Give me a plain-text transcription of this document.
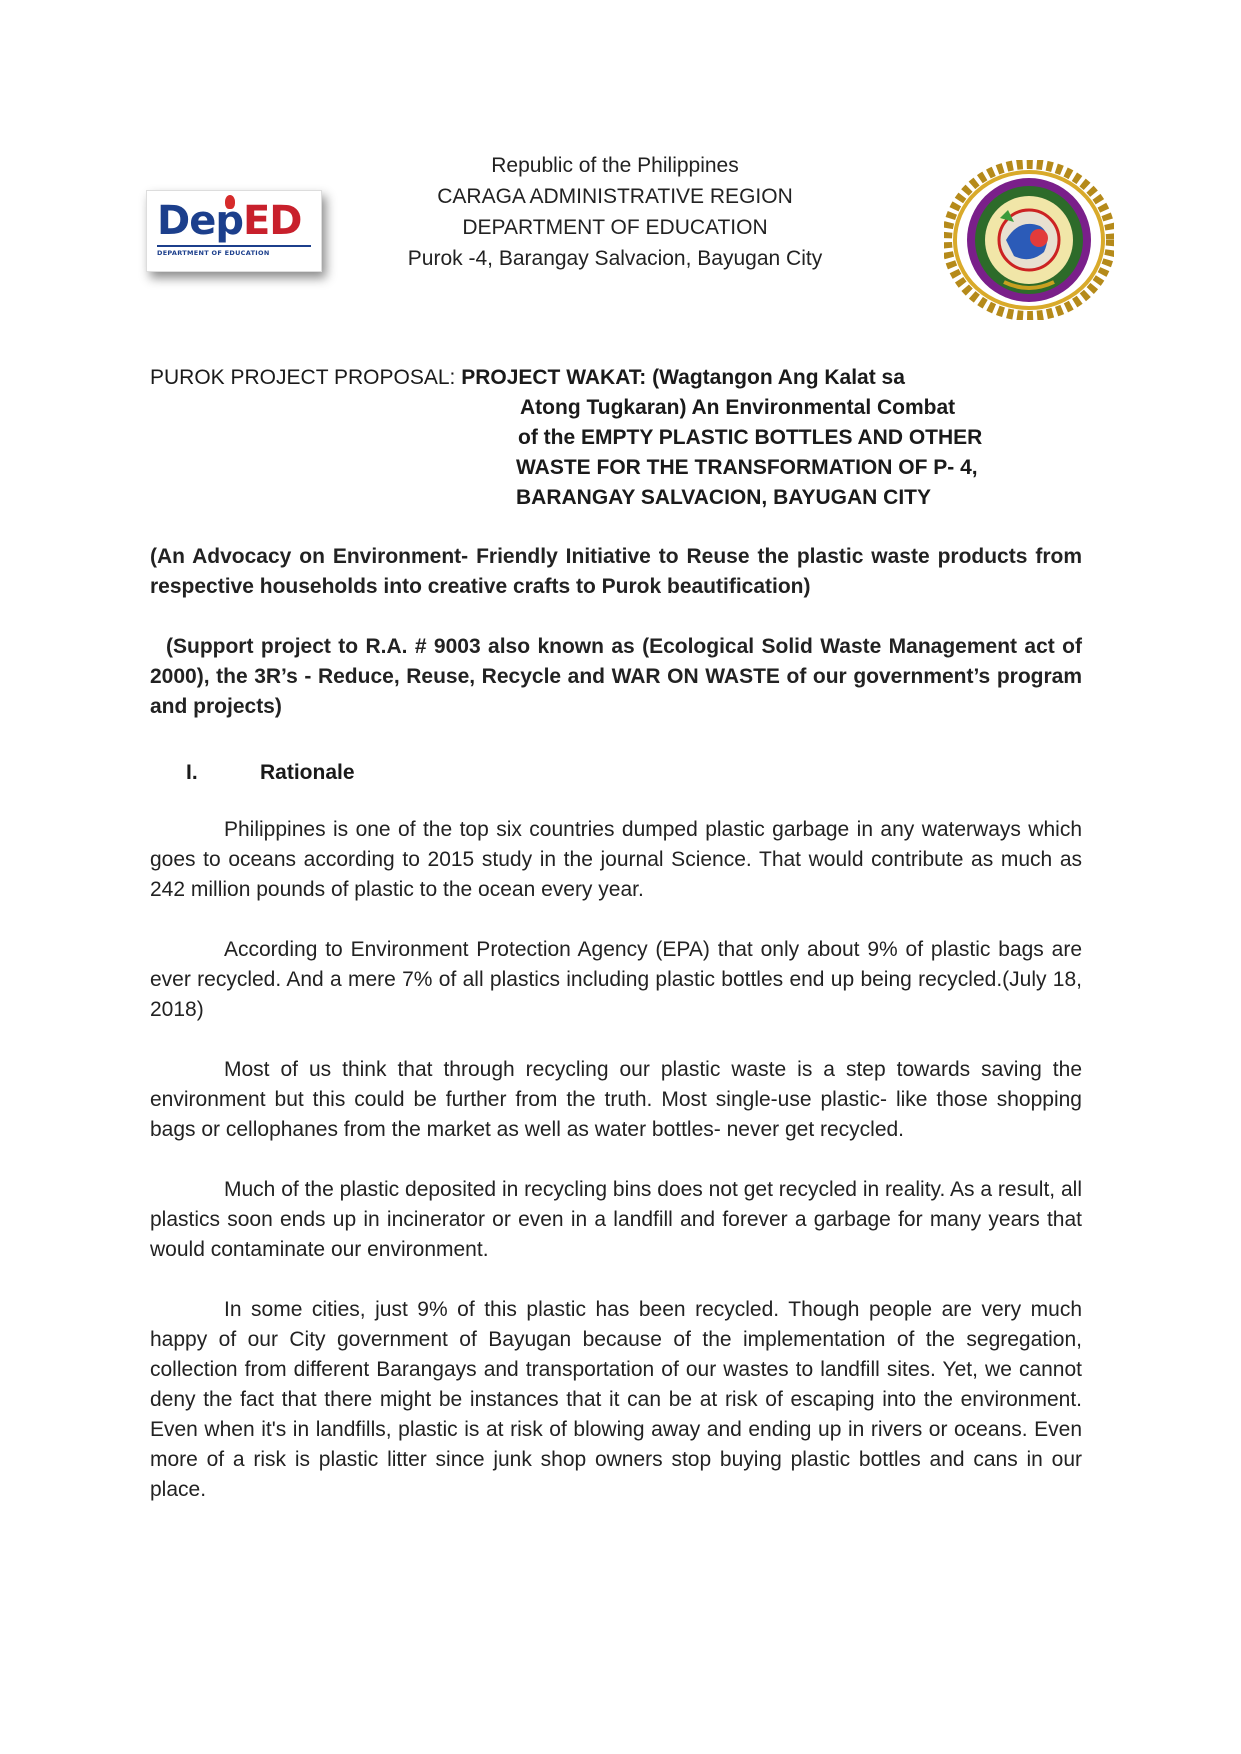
DepED
DEPARTMENT OF EDUCATION
Republic of the Philippines
CARAGA ADMINISTRATIVE REGION
DEPARTMENT OF EDUCATION
Purok -4, Barangay Salvacion, Bayugan City
PUROK PROJECT PROPOSAL: PROJECT WAKAT: (Wagtangon Ang Kalat sa
Atong Tugkaran) An Environmental Combat
of the EMPTY PLASTIC BOTTLES AND OTHER
WASTE FOR THE TRANSFORMATION OF P- 4,
BARANGAY SALVACION, BAYUGAN CITY
(An Advocacy on Environment- Friendly Initiative to Reuse the plastic waste products from respective households into creative crafts to Purok beautification)
(Support project to R.A. # 9003 also known as (Ecological Solid Waste Management act of 2000), the 3R’s - Reduce, Reuse, Recycle and WAR ON WASTE of our government’s program and projects)
I.	Rationale
Philippines is one of the top six countries dumped plastic garbage in any waterways which goes to oceans according to 2015 study in the journal Science. That would contribute as much as 242 million pounds of plastic to the ocean every year.
According to Environment Protection Agency (EPA) that only about 9% of plastic bags are ever recycled. And a mere 7% of all plastics including plastic bottles end up being recycled.(July 18, 2018)
Most of us think that through recycling our plastic waste is a step towards saving the environment but this could be further from the truth. Most single-use plastic- like those shopping bags or cellophanes from the market as well as water bottles- never get recycled.
Much of the plastic deposited in recycling bins does not get recycled in reality. As a result, all plastics soon ends up in incinerator or even in a landfill and forever a garbage for many years that would contaminate our environment.
In some cities, just 9% of this plastic has been recycled. Though people are very much happy of our City government of Bayugan because of the implementation of the segregation, collection from different Barangays and transportation of our wastes to landfill sites. Yet, we cannot deny the fact that there might be instances that it can be at risk of escaping into the environment. Even when it's in landfills, plastic is at risk of blowing away and ending up in rivers or oceans. Even more of a risk is plastic litter since junk shop owners stop buying plastic bottles and cans in our place.
